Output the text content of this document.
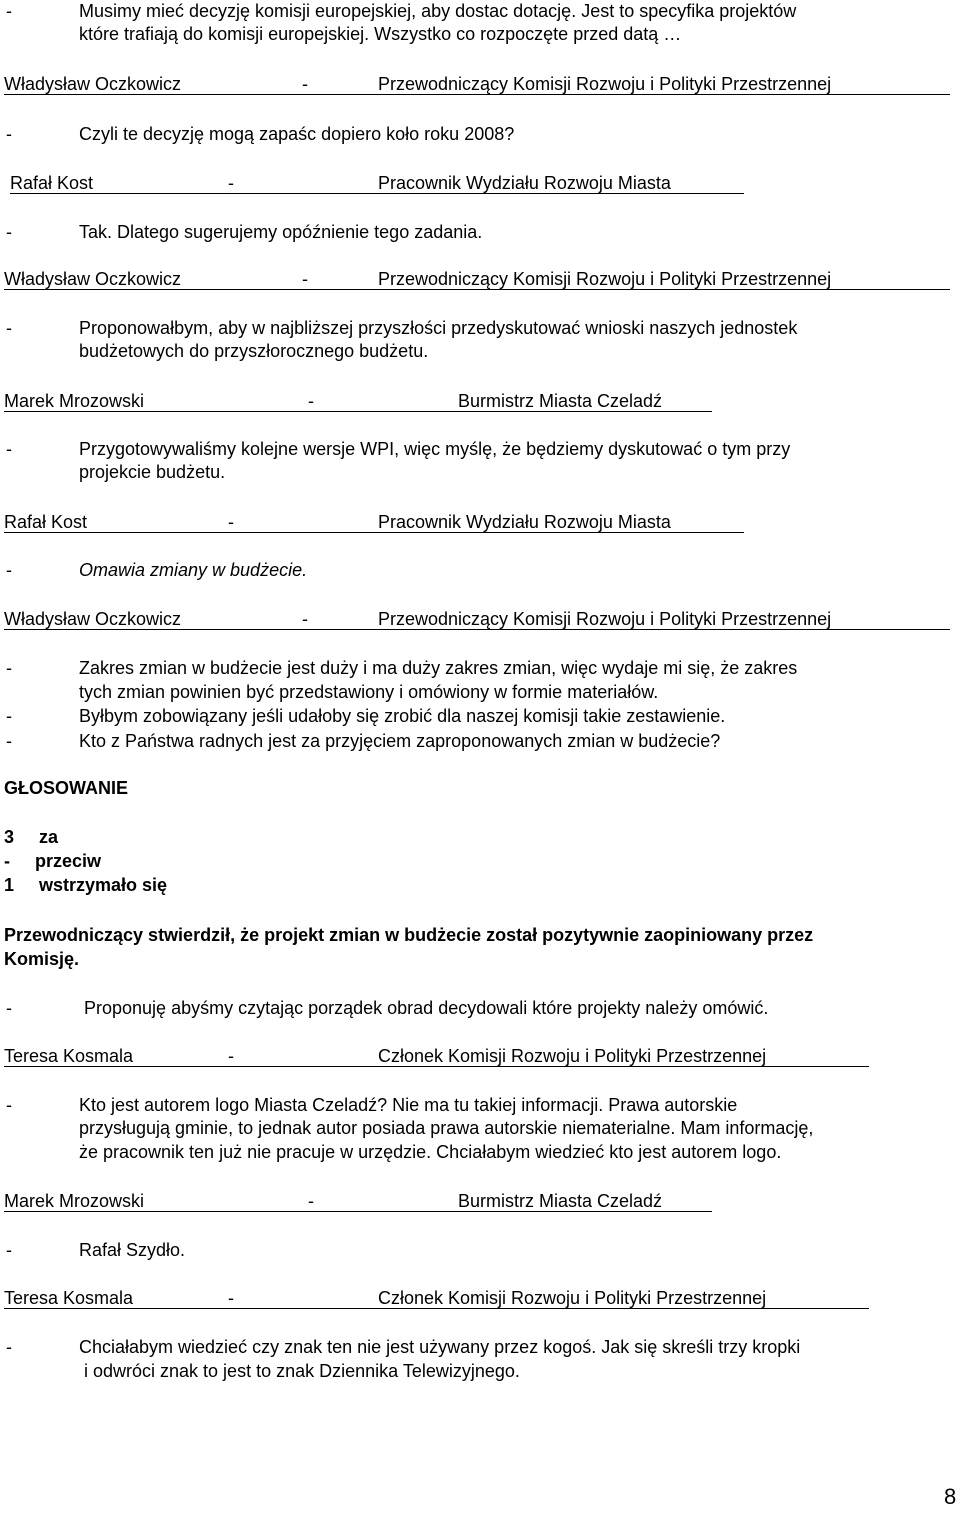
-	Musimy mieć decyzję komisji europejskiej, aby dostac dotację. Jest to specyfika projektów
które trafiają do komisji europejskiej. Wszystko co rozpoczęte przed datą …
Władysław Oczkowicz	-	Przewodniczący Komisji Rozwoju i Polityki Przestrzennej
-	Czyli te decyzję mogą zapaśc dopiero koło roku 2008?
Rafał Kost	-	Pracownik Wydziału Rozwoju Miasta
-	Tak. Dlatego sugerujemy opóźnienie tego zadania.
Władysław Oczkowicz	-	Przewodniczący Komisji Rozwoju i Polityki Przestrzennej
-	Proponowałbym, aby w najbliższej przyszłości przedyskutować wnioski naszych jednostek
budżetowych do przyszłorocznego budżetu.
Marek Mrozowski	-	Burmistrz Miasta Czeladź
-	Przygotowywaliśmy kolejne wersje WPI, więc myślę, że będziemy dyskutować o tym przy
projekcie budżetu.
Rafał Kost	-	Pracownik Wydziału Rozwoju Miasta
-	Omawia zmiany w budżecie.
Władysław Oczkowicz	-	Przewodniczący Komisji Rozwoju i Polityki Przestrzennej
-	Zakres zmian w budżecie jest duży i ma duży zakres zmian, więc wydaje mi się, że zakres
tych zmian powinien być przedstawiony i omówiony w formie materiałów.
-	Byłbym zobowiązany jeśli udałoby się zrobić dla naszej komisji takie zestawienie.
-	Kto z Państwa radnych jest za przyjęciem zaproponowanych zmian w budżecie?
GŁOSOWANIE
3 za
- przeciw
1 wstrzymało się
Przewodniczący stwierdził, że projekt zmian w budżecie został pozytywnie zaopiniowany przez
Komisję.
-	Proponuję abyśmy czytając porządek obrad decydowali które projekty należy omówić.
Teresa Kosmala	-	Członek Komisji Rozwoju i Polityki Przestrzennej
-	Kto jest autorem logo Miasta Czeladź? Nie ma tu takiej informacji. Prawa autorskie
przysługują gminie, to jednak autor posiada prawa autorskie niematerialne. Mam informację,
że pracownik ten już nie pracuje w urzędzie. Chciałabym wiedzieć kto jest autorem logo.
Marek Mrozowski	-	Burmistrz Miasta Czeladź
-	Rafał Szydło.
Teresa Kosmala	-	Członek Komisji Rozwoju i Polityki Przestrzennej
-	Chciałabym wiedzieć czy znak ten nie jest używany przez kogoś. Jak się skreśli trzy kropki
i odwróci znak to jest to znak Dziennika Telewizyjnego.
8
